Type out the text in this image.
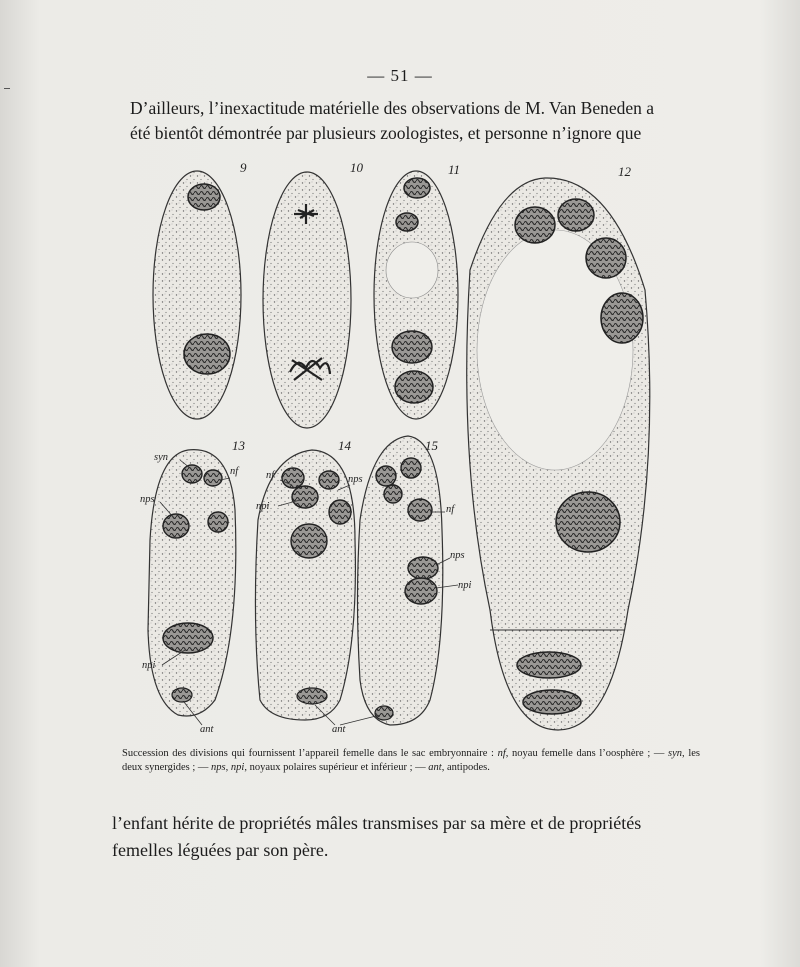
— 51 —
D’ailleurs, l’inexactitude matérielle des observations de M. Van Beneden a
été bientôt démontrée par plusieurs zoologistes, et personne n’ignore que
9	10	11	12
13	14	15
syn
nf
nps
npi
ant
nf
npi
nps
nf
nps
npi
ant
Succession des divisions qui fournissent l’appareil femelle dans le sac embryonnaire : nf, noyau femelle dans l’oosphère ; — syn, les deux synergides ; — nps, npi, noyaux polaires supérieur et inférieur ; — ant, antipodes.
l’enfant hérite de propriétés mâles transmises par sa mère et de propriétés
femelles léguées par son père.
